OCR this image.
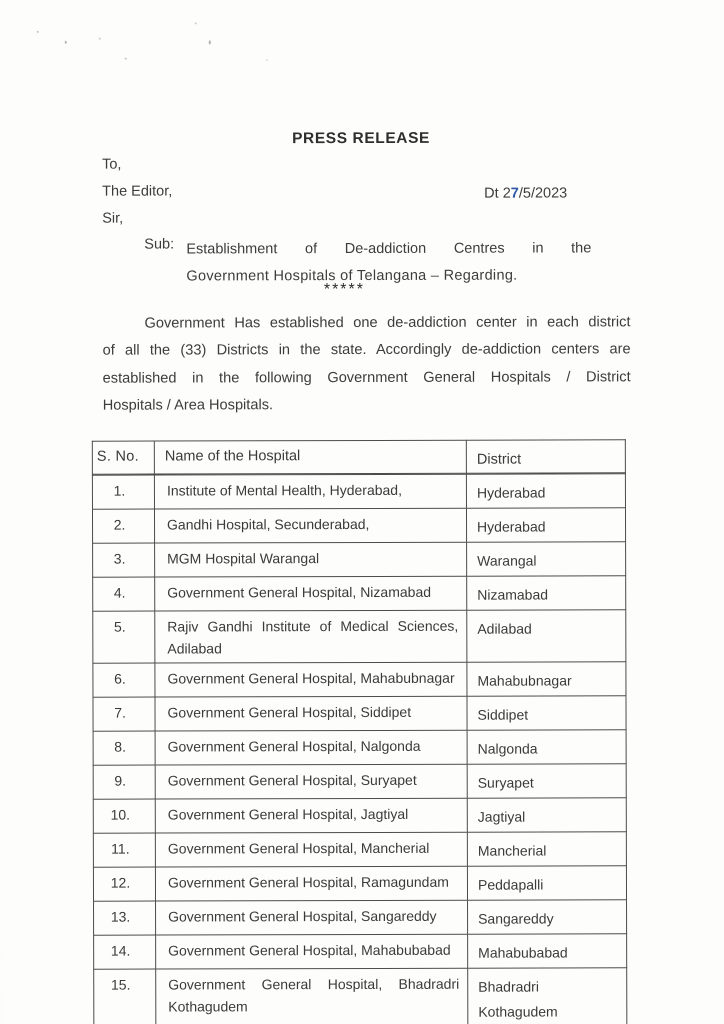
PRESS RELEASE
To,
The Editor,
Sir,
Dt 27/5/2023
Sub: Establishment of De-addiction Centres in the
Government Hospitals of Telangana – Regarding.
*****
Government Has established one de-addiction center in each district
of all the (33) Districts in the state. Accordingly de-addiction centers are
established in the following Government General Hospitals / District
Hospitals / Area Hospitals.
S. No.	Name of the Hospital	District
1.	Institute of Mental Health, Hyderabad,	Hyderabad
2.	Gandhi Hospital, Secunderabad,	Hyderabad
3.	MGM Hospital Warangal	Warangal
4.	Government General Hospital, Nizamabad	Nizamabad
5.	Rajiv Gandhi Institute of Medical Sciences, Adilabad	Adilabad
6.	Government General Hospital, Mahabubnagar	Mahabubnagar
7.	Government General Hospital, Siddipet	Siddipet
8.	Government General Hospital, Nalgonda	Nalgonda
9.	Government General Hospital, Suryapet	Suryapet
10.	Government General Hospital, Jagtiyal	Jagtiyal
11.	Government General Hospital, Mancherial	Mancherial
12.	Government General Hospital, Ramagundam	Peddapalli
13.	Government General Hospital, Sangareddy	Sangareddy
14.	Government General Hospital, Mahabubabad	Mahabubabad
15.	Government General Hospital, Bhadradri Kothagudem	Bhadradri Kothagudem
